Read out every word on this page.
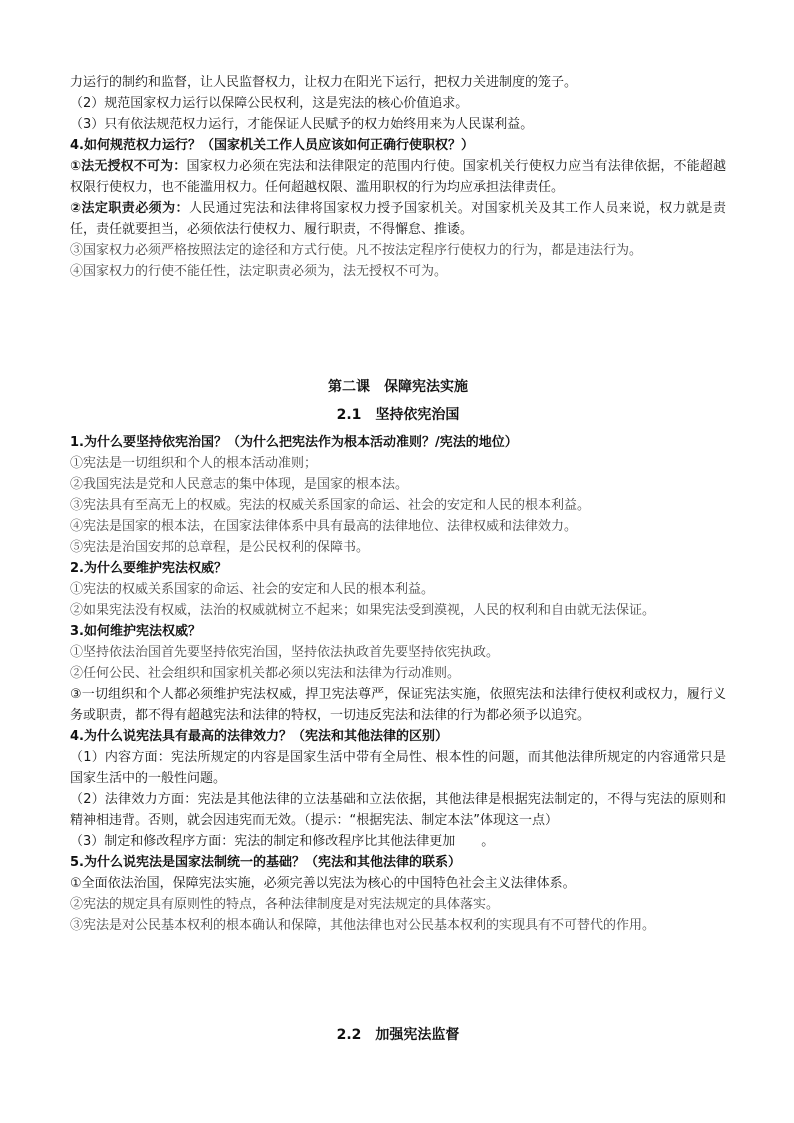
力运行的制约和监督，让人民监督权力，让权力在阳光下运行，把权力关进制度的笼子。

（2）规范国家权力运行以保障公民权利，这是宪法的核心价值追求。

（3）只有依法规范权力运行，才能保证人民赋予的权力始终用来为人民谋利益。

4.如何规范权力运行？（国家机关工作人员应该如何正确行使职权？）

①法无授权不可为：国家权力必须在宪法和法律限定的范围内行使。国家机关行使权力应当有法律依据，不能超越权限行使权力，也不能滥用权力。任何超越权限、滥用职权的行为均应承担法律责任。

②法定职责必须为：人民通过宪法和法律将国家权力授予国家机关。对国家机关及其工作人员来说，权力就是责任，责任就要担当，必须依法行使权力、履行职责，不得懈怠、推诿。

③国家权力必须严格按照法定的途径和方式行使。凡不按法定程序行使权力的行为，都是违法行为。

④国家权力的行使不能任性，法定职责必须为，法无授权不可为。

第二课　保障宪法实施
2.1　坚持依宪治国

1.为什么要坚持依宪治国？（为什么把宪法作为根本活动准则？/宪法的地位）

①宪法是一切组织和个人的根本活动准则；

②我国宪法是党和人民意志的集中体现，是国家的根本法。

③宪法具有至高无上的权威。宪法的权威关系国家的命运、社会的安定和人民的根本利益。

④宪法是国家的根本法，在国家法律体系中具有最高的法律地位、法律权威和法律效力。

⑤宪法是治国安邦的总章程，是公民权利的保障书。

2.为什么要维护宪法权威？

①宪法的权威关系国家的命运、社会的安定和人民的根本利益。

②如果宪法没有权威，法治的权威就树立不起来；如果宪法受到漠视，人民的权利和自由就无法保证。

3.如何维护宪法权威？

①坚持依法治国首先要坚持依宪治国，坚持依法执政首先要坚持依宪执政。

②任何公民、社会组织和国家机关都必须以宪法和法律为行动准则。

③一切组织和个人都必须维护宪法权威，捍卫宪法尊严，保证宪法实施，依照宪法和法律行使权利或权力，履行义务或职责，都不得有超越宪法和法律的特权，一切违反宪法和法律的行为都必须予以追究。

4.为什么说宪法具有最高的法律效力？（宪法和其他法律的区别）

（1）内容方面：宪法所规定的内容是国家生活中带有全局性、根本性的问题，而其他法律所规定的内容通常只是国家生活中的一般性问题。

（2）法律效力方面：宪法是其他法律的立法基础和立法依据，其他法律是根据宪法制定的，不得与宪法的原则和精神相违背。否则，就会因违宪而无效。（提示：“根据宪法、制定本法”体现这一点）

（3）制定和修改程序方面：宪法的制定和修改程序比其他法律更加　　。

5.为什么说宪法是国家法制统一的基础？（宪法和其他法律的联系）

①全面依法治国，保障宪法实施，必须完善以宪法为核心的中国特色社会主义法律体系。

②宪法的规定具有原则性的特点，各种法律制度是对宪法规定的具体落实。

③宪法是对公民基本权利的根本确认和保障，其他法律也对公民基本权利的实现具有不可替代的作用。

2.2　加强宪法监督
